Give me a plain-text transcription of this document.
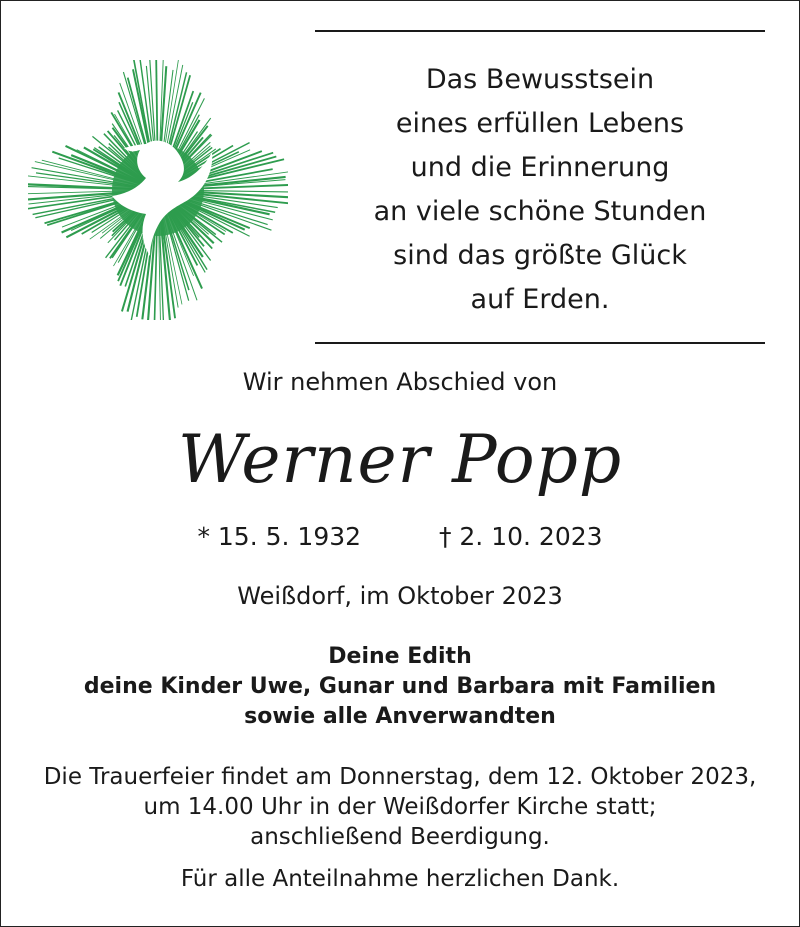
Das Bewusstsein
eines erfüllen Lebens
und die Erinnerung
an viele schöne Stunden
sind das größte Glück
auf Erden.
Wir nehmen Abschied von
Werner Popp
* 15. 5. 1932	† 2. 10. 2023
Weißdorf, im Oktober 2023
Deine Edith
deine Kinder Uwe, Gunar und Barbara mit Familien
sowie alle Anverwandten
Die Trauerfeier findet am Donnerstag, dem 12. Oktober 2023,
um 14.00 Uhr in der Weißdorfer Kirche statt;
anschließend Beerdigung.
Für alle Anteilnahme herzlichen Dank.
